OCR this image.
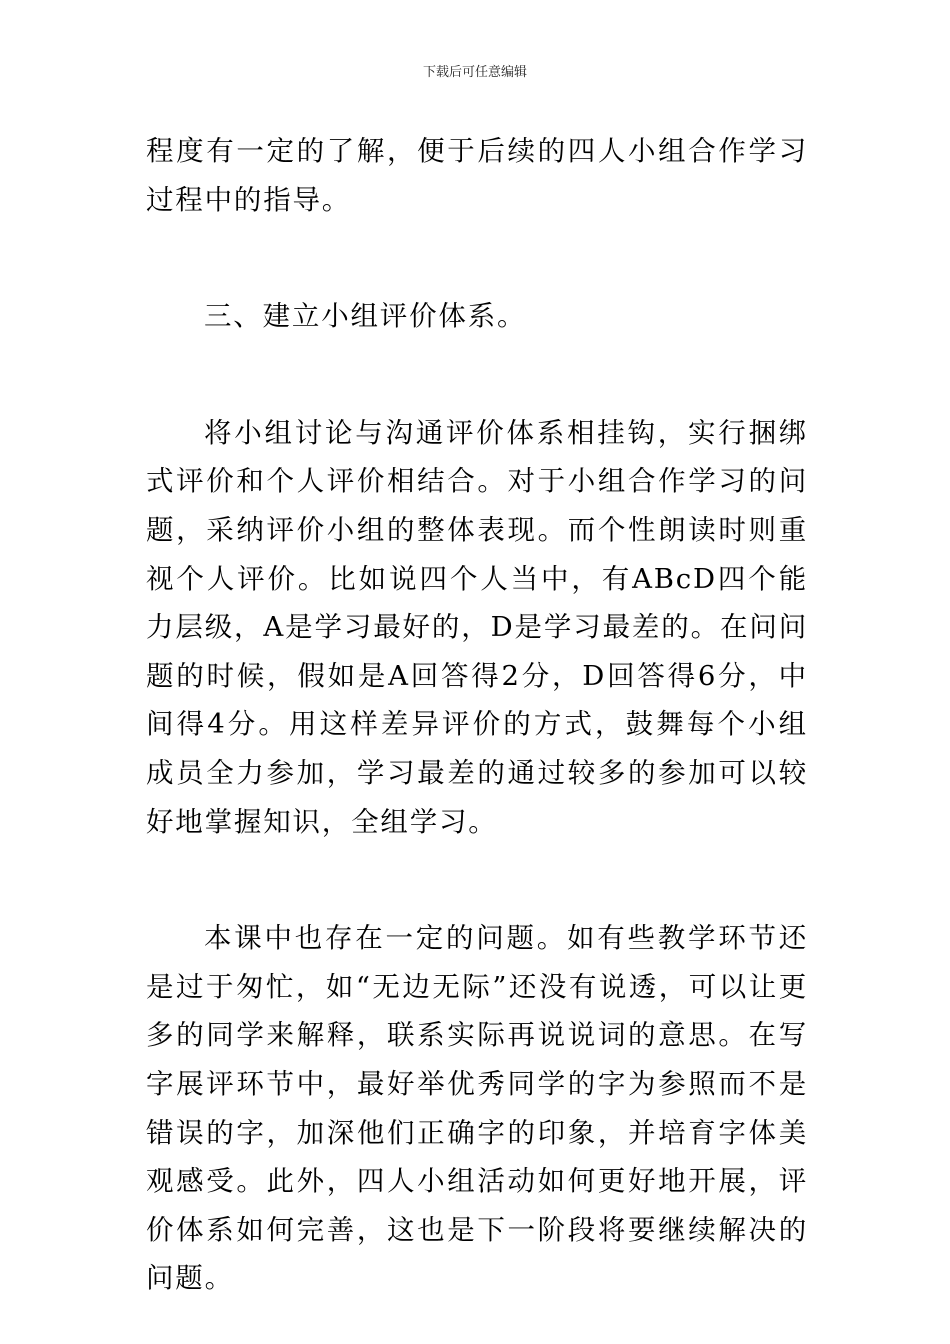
下载后可任意编辑

程度有一定的了解，便于后续的四人小组合作学习过程中的指导。

三、建立小组评价体系。

将小组讨论与沟通评价体系相挂钩，实行捆绑式评价和个人评价相结合。对于小组合作学习的问题，采纳评价小组的整体表现。而个性朗读时则重视个人评价。比如说四个人当中，有ABcD四个能力层级，A是学习最好的，D是学习最差的。在问问题的时候，假如是A回答得2分，D回答得6分，中间得4分。用这样差异评价的方式，鼓舞每个小组成员全力参加，学习最差的通过较多的参加可以较好地掌握知识，全组学习。

本课中也存在一定的问题。如有些教学环节还是过于匆忙，如“无边无际”还没有说透，可以让更多的同学来解释，联系实际再说说词的意思。在写字展评环节中，最好举优秀同学的字为参照而不是错误的字，加深他们正确字的印象，并培育字体美观感受。此外，四人小组活动如何更好地开展，评价体系如何完善，这也是下一阶段将要继续解决的问题。
